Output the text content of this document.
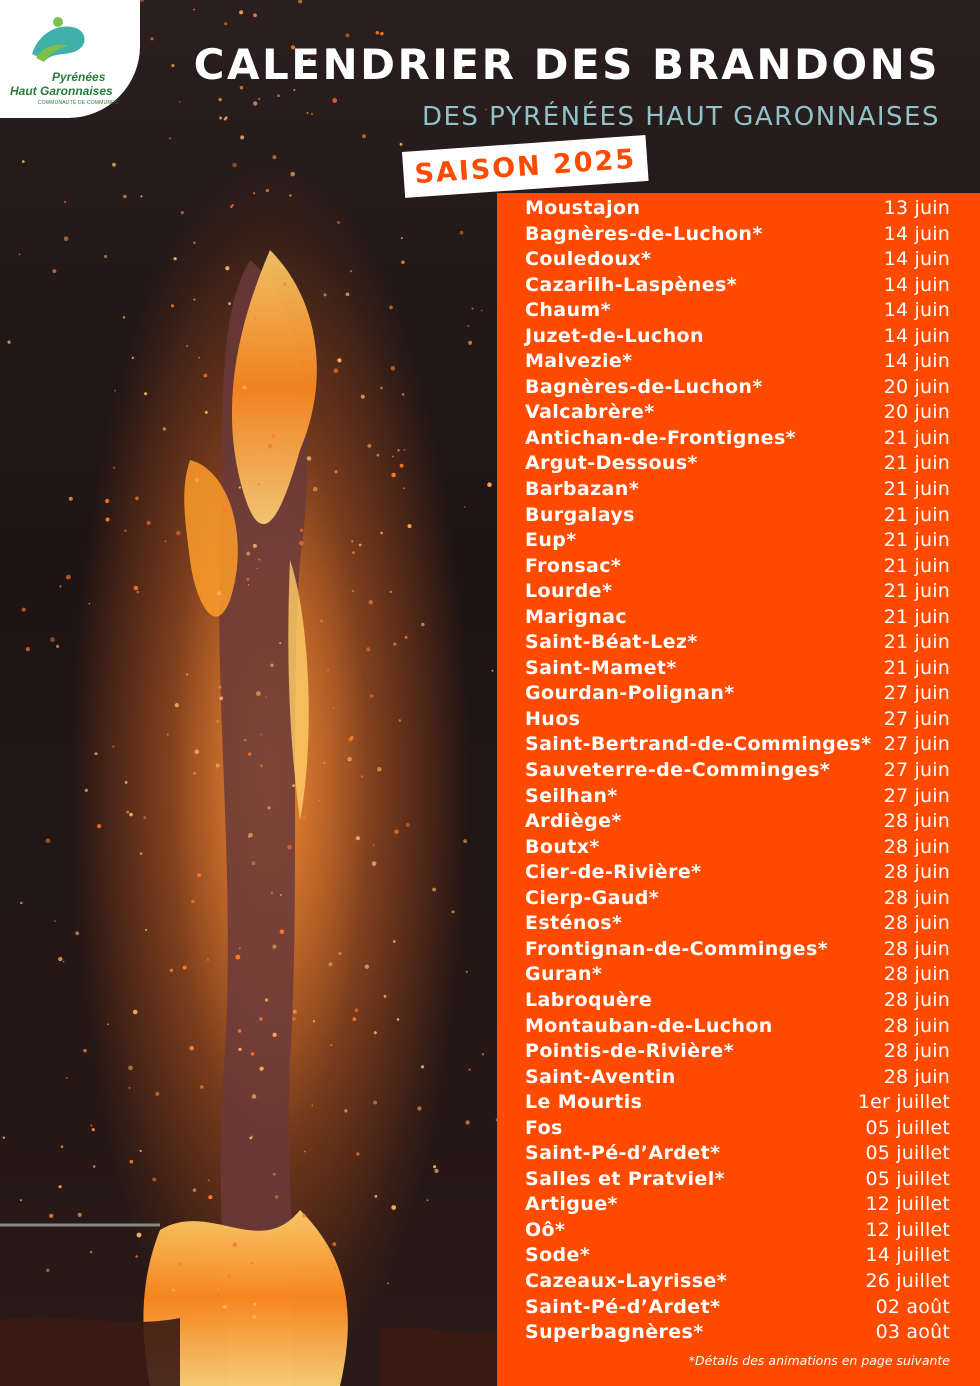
Pyrénées
Haut Garonnaises
COMMUNAUTÉ DE COMMUNES
CALENDRIER DES BRANDONS
DES PYRÉNÉES HAUT GARONNAISES
SAISON 2025
Moustajon	13 juin
Bagnères-de-Luchon*	14 juin
Couledoux*	14 juin
Cazarilh-Laspènes*	14 juin
Chaum*	14 juin
Juzet-de-Luchon	14 juin
Malvezie*	14 juin
Bagnères-de-Luchon*	20 juin
Valcabrère*	20 juin
Antichan-de-Frontignes*	21 juin
Argut-Dessous*	21 juin
Barbazan*	21 juin
Burgalays	21 juin
Eup*	21 juin
Fronsac*	21 juin
Lourde*	21 juin
Marignac	21 juin
Saint-Béat-Lez*	21 juin
Saint-Mamet*	21 juin
Gourdan-Polignan*	27 juin
Huos	27 juin
Saint-Bertrand-de-Comminges* 27 juin
Sauveterre-de-Comminges*	27 juin
Seilhan*	27 juin
Ardiège*	28 juin
Boutx*	28 juin
Cier-de-Rivière*	28 juin
Cierp-Gaud*	28 juin
Esténos*	28 juin
Frontignan-de-Comminges*	28 juin
Guran*	28 juin
Labroquère	28 juin
Montauban-de-Luchon	28 juin
Pointis-de-Rivière*	28 juin
Saint-Aventin	28 juin
Le Mourtis	1er juillet
Fos	05 juillet
Saint-Pé-d’Ardet*	05 juillet
Salles et Pratviel*	05 juillet
Artigue*	12 juillet
Oô*	12 juillet
Sode*	14 juillet
Cazeaux-Layrisse*	26 juillet
Saint-Pé-d’Ardet*	02 août
Superbagnères*	03 août
*Détails des animations en page suivante
